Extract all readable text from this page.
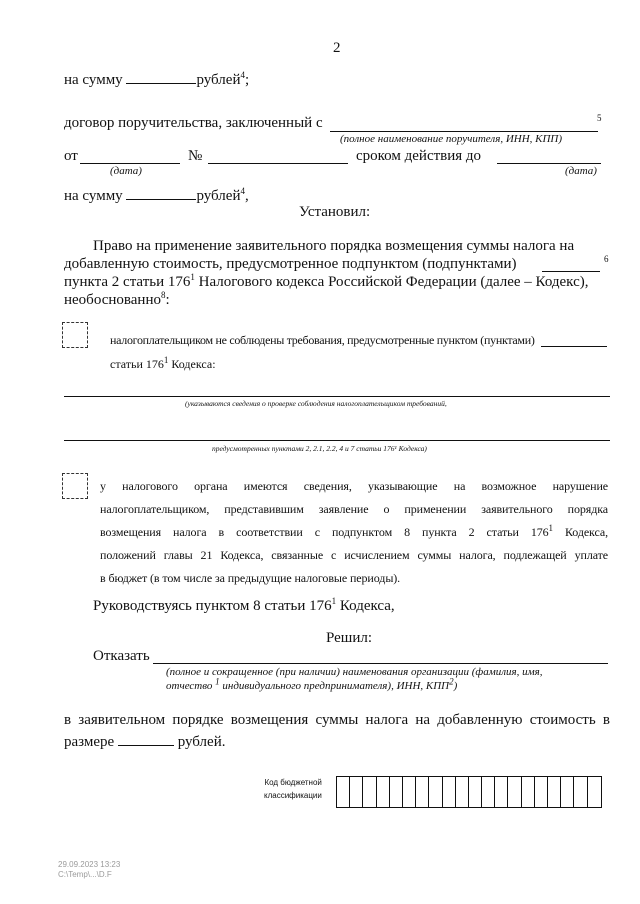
2
на сумму	рублей$^4$;
договор поручительства, заключенный с	5
(полное наименование поручителя, ИНН, КПП)
от	№	сроком действия до
(дата)	(дата)
на сумму	рублей$^4$,
Установил:
Право на применение заявительного порядка возмещения суммы налога на
добавленную стоимость, предусмотренное подпунктом (подпунктами)	6
пункта 2 статьи $176^1$ Налогового кодекса Российской Федерации (далее – Кодекс),
необоснованно$^8$:
налогоплательщиком не соблюдены требования, предусмотренные пунктом (пунктами)
статьи $176^1$ Кодекса:
(указываются сведения о проверке соблюдения налогоплательщиком требований,
предусмотренных пунктами 2, 2.1, 2.2, 4 и 7 статьи 176¹ Кодекса)
у налогового органа имеются сведения, указывающие на возможное нарушение
налогоплательщиком, представившим заявление о применении заявительного порядка
возмещения налога в соответствии с подпунктом 8 пункта 2 статьи $176^1$ Кодекса,
положений главы 21 Кодекса, связанные с исчислением суммы налога, подлежащей уплате
в бюджет (в том числе за предыдущие налоговые периоды).
Руководствуясь пунктом 8 статьи $176^1$ Кодекса,
Решил:
Отказать
(полное и сокращенное (при наличии) наименования организации (фамилия, имя,
отчество $^1$ индивидуального предпринимателя), ИНН, КПП$^2$)
в заявительном порядке возмещения суммы налога на добавленную стоимость в
размере	рублей.
Код бюджетной
классификации
29.09.2023 13:23
С:\Temp\...\D.F
